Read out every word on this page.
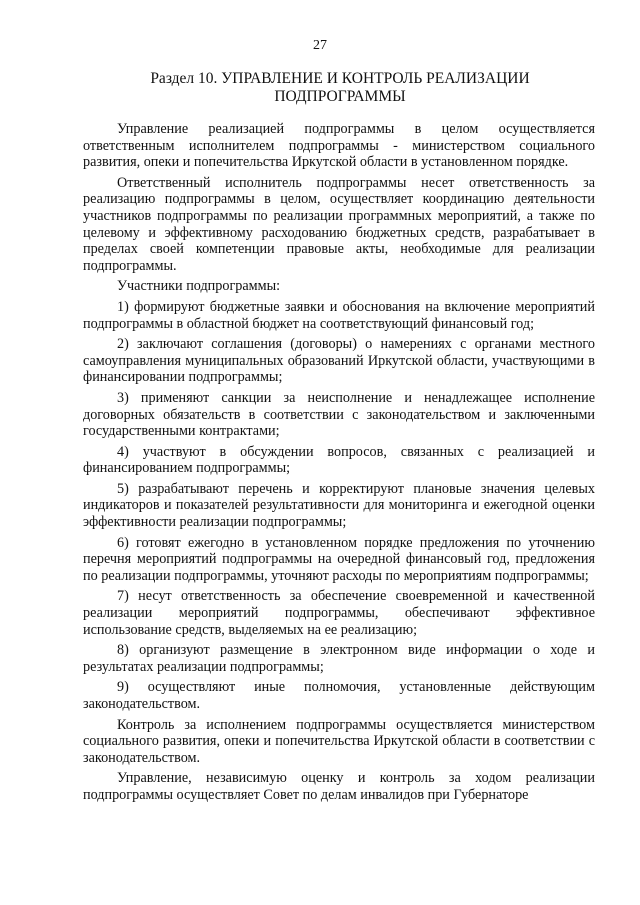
27
Раздел 10. УПРАВЛЕНИЕ И КОНТРОЛЬ РЕАЛИЗАЦИИ
ПОДПРОГРАММЫ

Управление реализацией подпрограммы в целом осуществляется ответственным исполнителем подпрограммы - министерством социального развития, опеки и попечительства Иркутской области в установленном порядке.

Ответственный исполнитель подпрограммы несет ответственность за реализацию подпрограммы в целом, осуществляет координацию деятельности участников подпрограммы по реализации программных мероприятий, а также по целевому и эффективному расходованию бюджетных средств, разрабатывает в пределах своей компетенции правовые акты, необходимые для реализации подпрограммы.

Участники подпрограммы:

1) формируют бюджетные заявки и обоснования на включение мероприятий подпрограммы в областной бюджет на соответствующий финансовый год;

2) заключают соглашения (договоры) о намерениях с органами местного самоуправления муниципальных образований Иркутской области, участвующими в финансировании подпрограммы;

3) применяют санкции за неисполнение и ненадлежащее исполнение договорных обязательств в соответствии с законодательством и заключенными государственными контрактами;

4) участвуют в обсуждении вопросов, связанных с реализацией и финансированием подпрограммы;

5) разрабатывают перечень и корректируют плановые значения целевых индикаторов и показателей результативности для мониторинга и ежегодной оценки эффективности реализации подпрограммы;

6) готовят ежегодно в установленном порядке предложения по уточнению перечня мероприятий подпрограммы на очередной финансовый год, предложения по реализации подпрограммы, уточняют расходы по мероприятиям подпрограммы;

7) несут ответственность за обеспечение своевременной и качественной реализации мероприятий подпрограммы, обеспечивают эффективное использование средств, выделяемых на ее реализацию;

8) организуют размещение в электронном виде информации о ходе и результатах реализации подпрограммы;

9) осуществляют иные полномочия, установленные действующим законодательством.

Контроль за исполнением подпрограммы осуществляется министерством социального развития, опеки и попечительства Иркутской области в соответствии с законодательством.

Управление, независимую оценку и контроль за ходом реализации подпрограммы осуществляет Совет по делам инвалидов при Губернаторе
